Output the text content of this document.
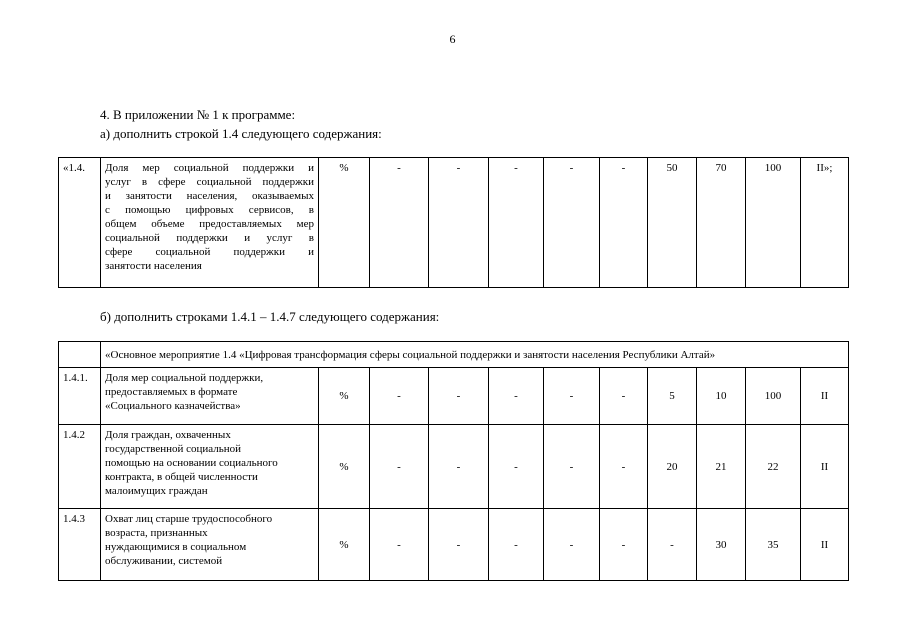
6
4. В приложении № 1 к программе:
а) дополнить строкой 1.4 следующего содержания:
«1.4.	Доля мер социальной поддержки и
услуг в сфере социальной поддержки
и занятости населения, оказываемых
с помощью цифровых сервисов, в
общем объеме предоставляемых мер
социальной поддержки и услуг в
сфере социальной поддержки и
занятости населения
	%	-	-	-	-	-	50	70	100	II»;
б) дополнить строками 1.4.1 – 1.4.7 следующего содержания:
	«Основное мероприятие 1.4 «Цифровая трансформация сферы социальной поддержки и занятости населения Республики Алтай»										
1.4.1.	Доля мер социальной поддержки,
предоставляемых в формате
«Социального казначейства»	%	-	-	-	-	-	5	10	100	II
1.4.2	Доля граждан, охваченных
государственной социальной
помощью на основании социального
контракта, в общей численности
малоимущих граждан	%	-	-	-	-	-	20	21	22	II
1.4.3	Охват лиц старше трудоспособного
возраста, признанных
нуждающимися в социальном
обслуживании, системой	%	-	-	-	-	-	-	30	35	II
